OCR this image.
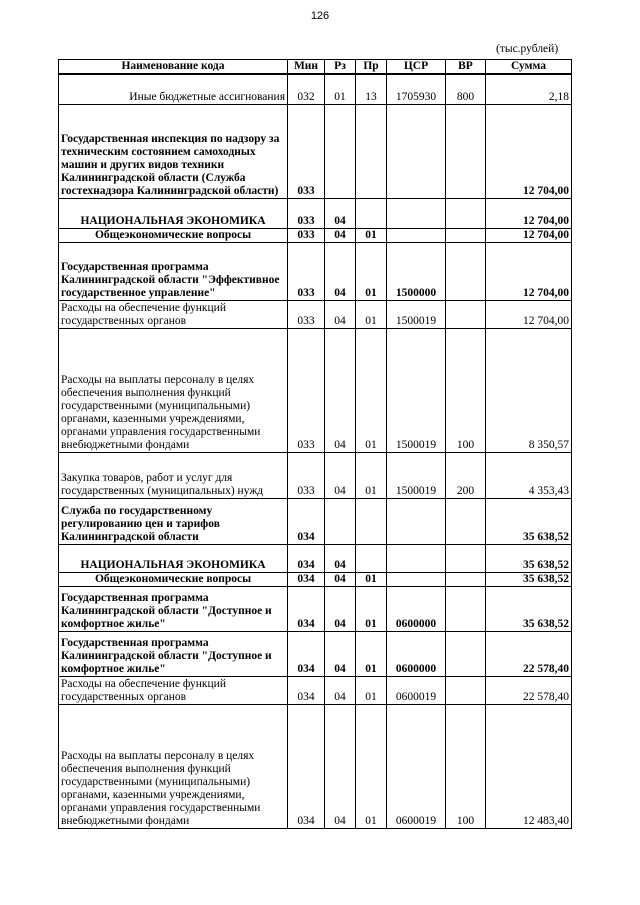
126
(тыс.рублей)
Наименование кода	Мин	Рз	Пр	ЦСР	ВР	Сумма
Иные бюджетные ассигнования	032	01	13	1705930	800	2,18
Государственная инспекция по надзору за техническим состоянием самоходных машин и других видов техники Калининградской области (Служба гостехнадзора Калининградской области)	033					12 704,00
НАЦИОНАЛЬНАЯ ЭКОНОМИКА	033	04				12 704,00
Общеэкономические вопросы	033	04	01			12 704,00
Государственная программа Калининградской области "Эффективное государственное управление"	033	04	01	1500000		12 704,00
Расходы на обеспечение функций государственных органов	033	04	01	1500019		12 704,00
Расходы на выплаты персоналу в целях обеспечения выполнения функций государственными (муниципальными) органами, казенными учреждениями, органами управления государственными внебюджетными фондами	033	04	01	1500019	100	8 350,57
Закупка товаров, работ и услуг для государственных (муниципальных) нужд	033	04	01	1500019	200	4 353,43
Служба по государственному регулированию цен и тарифов Калининградской области	034					35 638,52
НАЦИОНАЛЬНАЯ ЭКОНОМИКА	034	04				35 638,52
Общеэкономические вопросы	034	04	01			35 638,52
Государственная программа Калининградской области "Доступное и комфортное жилье"	034	04	01	0600000		35 638,52
Государственная программа Калининградской области "Доступное и комфортное жилье"	034	04	01	0600000		22 578,40
Расходы на обеспечение функций государственных органов	034	04	01	0600019		22 578,40
Расходы на выплаты персоналу в целях обеспечения выполнения функций государственными (муниципальными) органами, казенными учреждениями, органами управления государственными внебюджетными фондами	034	04	01	0600019	100	12 483,40
